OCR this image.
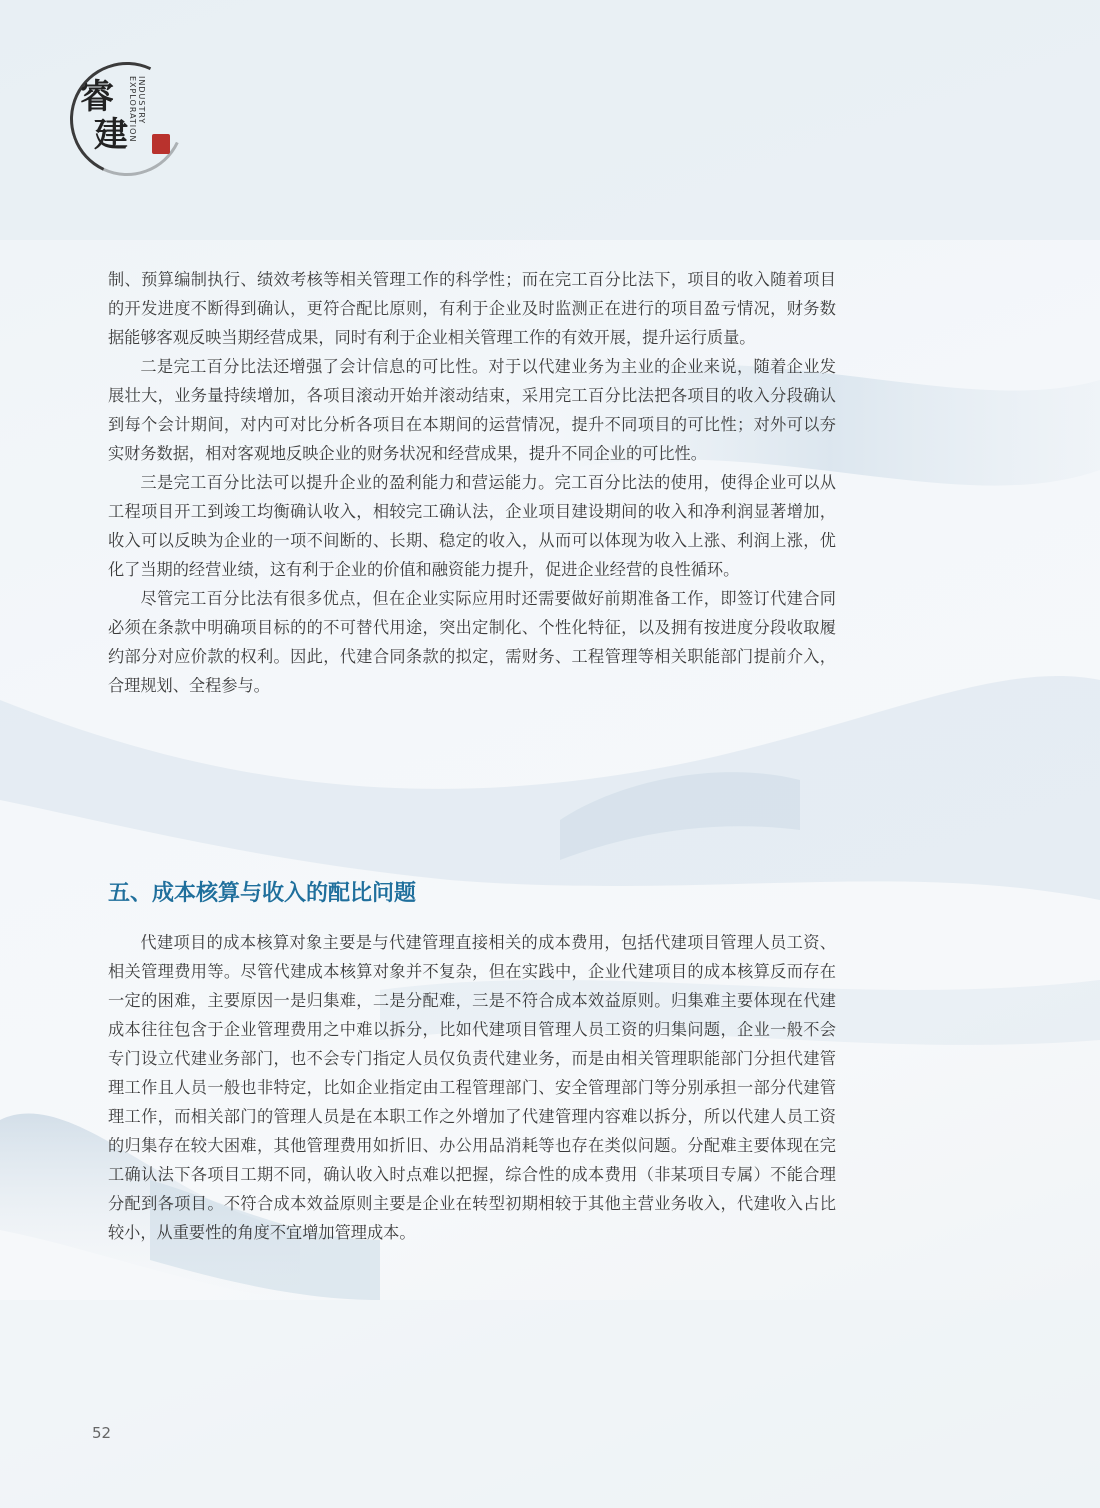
睿
建
INDUSTRY
EXPLORATION

制、预算编制执行、绩效考核等相关管理工作的科学性；而在完工百分比法下，项目的收入随着项目的开发进度不断得到确认，更符合配比原则，有利于企业及时监测正在进行的项目盈亏情况，财务数据能够客观反映当期经营成果，同时有利于企业相关管理工作的有效开展，提升运行质量。

二是完工百分比法还增强了会计信息的可比性。对于以代建业务为主业的企业来说，随着企业发展壮大，业务量持续增加，各项目滚动开始并滚动结束，采用完工百分比法把各项目的收入分段确认到每个会计期间，对内可对比分析各项目在本期间的运营情况，提升不同项目的可比性；对外可以夯实财务数据，相对客观地反映企业的财务状况和经营成果，提升不同企业的可比性。

三是完工百分比法可以提升企业的盈利能力和营运能力。完工百分比法的使用，使得企业可以从工程项目开工到竣工均衡确认收入，相较完工确认法，企业项目建设期间的收入和净利润显著增加，收入可以反映为企业的一项不间断的、长期、稳定的收入，从而可以体现为收入上涨、利润上涨，优化了当期的经营业绩，这有利于企业的价值和融资能力提升，促进企业经营的良性循环。

尽管完工百分比法有很多优点，但在企业实际应用时还需要做好前期准备工作，即签订代建合同必须在条款中明确项目标的的不可替代用途，突出定制化、个性化特征，以及拥有按进度分段收取履约部分对应价款的权利。因此，代建合同条款的拟定，需财务、工程管理等相关职能部门提前介入，合理规划、全程参与。

五、成本核算与收入的配比问题

代建项目的成本核算对象主要是与代建管理直接相关的成本费用，包括代建项目管理人员工资、相关管理费用等。尽管代建成本核算对象并不复杂，但在实践中，企业代建项目的成本核算反而存在一定的困难，主要原因一是归集难，二是分配难，三是不符合成本效益原则。归集难主要体现在代建成本往往包含于企业管理费用之中难以拆分，比如代建项目管理人员工资的归集问题，企业一般不会专门设立代建业务部门，也不会专门指定人员仅负责代建业务，而是由相关管理职能部门分担代建管理工作且人员一般也非特定，比如企业指定由工程管理部门、安全管理部门等分别承担一部分代建管理工作，而相关部门的管理人员是在本职工作之外增加了代建管理内容难以拆分，所以代建人员工资的归集存在较大困难，其他管理费用如折旧、办公用品消耗等也存在类似问题。分配难主要体现在完工确认法下各项目工期不同，确认收入时点难以把握，综合性的成本费用（非某项目专属）不能合理分配到各项目。不符合成本效益原则主要是企业在转型初期相较于其他主营业务收入，代建收入占比较小，从重要性的角度不宜增加管理成本。

52
